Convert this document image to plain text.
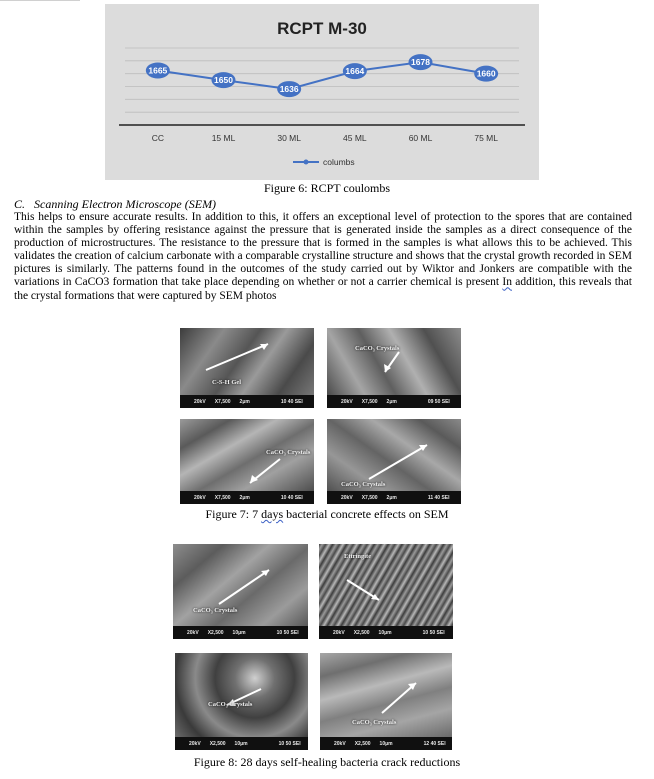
RCPT M-30
1665
1650
1636
1664
1678
1660
CC	15 ML	30 ML	45 ML	60 ML	75 ML
columbs
Figure 6: RCPT coulombs
C. Scanning Electron Microscope (SEM)
This helps to ensure accurate results. In addition to this, it offers an exceptional level of protection to the spores that are contained within the samples by offering resistance against the pressure that is generated inside the samples as a direct consequence of the production of microstructures. The resistance to the pressure that is formed in the samples is what allows this to be achieved. This validates the creation of calcium carbonate with a comparable crystalline structure and shows that the crystal growth recorded in SEM pictures is similarly. The patterns found in the outcomes of the study carried out by Wiktor and Jonkers are compatible with the variations in CaCO3 formation that take place depending on whether or not a carrier chemical is present In addition, this reveals that the crystal formations that were captured by SEM photos
C-S-H Gel
20kV X7,500 2μm	10 40 SEI
CaCO₃ Crystals
20kV X7,500 2μm	09 50 SEI
CaCO₃ Crystals
20kV X7,500 2μm	10 40 SEI
CaCO₃ Crystals
20kV X7,500 2μm	11 40 SEI
Figure 7: 7 days bacterial concrete effects on SEM
CaCO₃ Crystals
20kV X2,500 10μm	10 50 SEI
Ettringite
20kV X2,500 10μm	10 50 SEI
CaCO₃ Crystals
20kV X2,500 10μm	10 50 SEI
CaCO₃ Crystals
20kV X2,500 10μm	12 40 SEI
Figure 8: 28 days self-healing bacteria crack reductions
